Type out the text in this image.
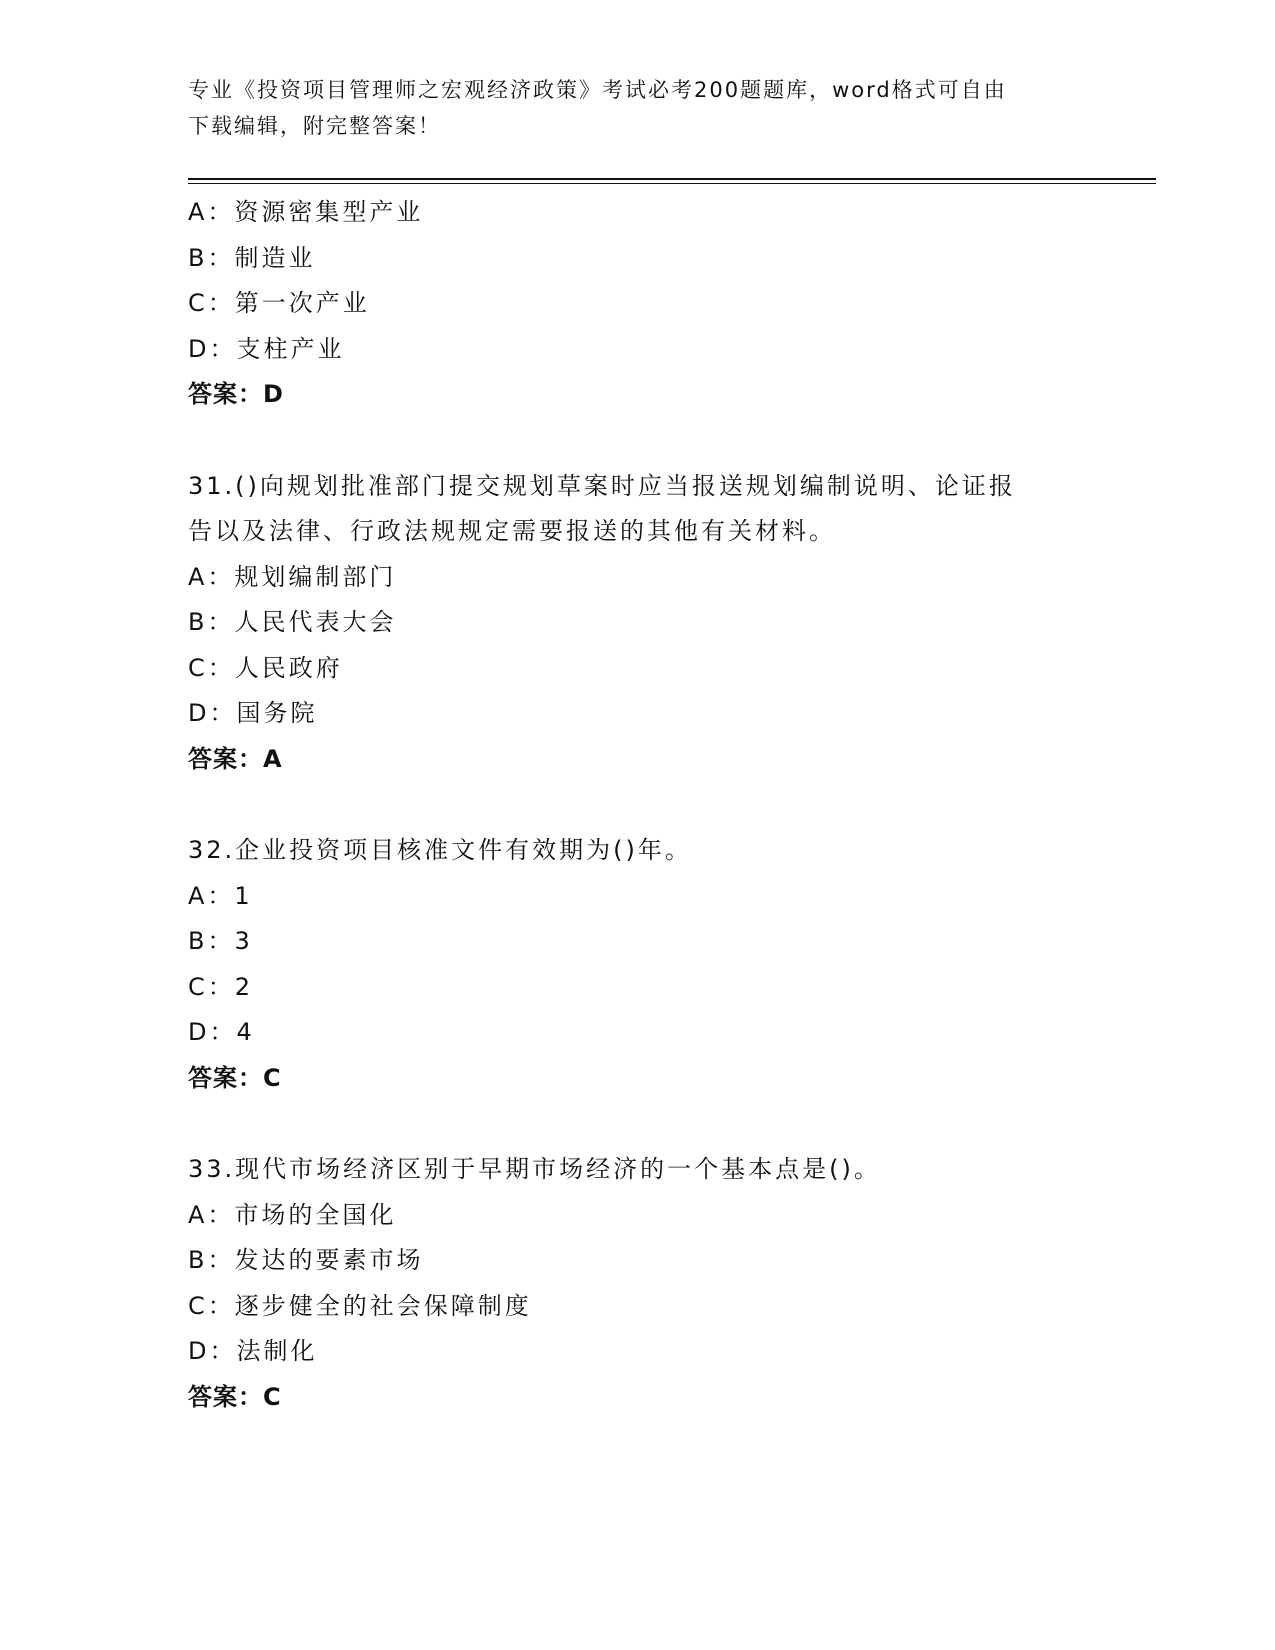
专业《投资项目管理师之宏观经济政策》考试必考200题题库，word格式可自由
下载编辑，附完整答案！
A：资源密集型产业
B：制造业
C：第一次产业
D：支柱产业
答案：D
31.()向规划批准部门提交规划草案时应当报送规划编制说明、论证报
告以及法律、行政法规规定需要报送的其他有关材料。
A：规划编制部门
B：人民代表大会
C：人民政府
D：国务院
答案：A
32.企业投资项目核准文件有效期为()年。
A：1
B：3
C：2
D：4
答案：C
33.现代市场经济区别于早期市场经济的一个基本点是()。
A：市场的全国化
B：发达的要素市场
C：逐步健全的社会保障制度
D：法制化
答案：C
